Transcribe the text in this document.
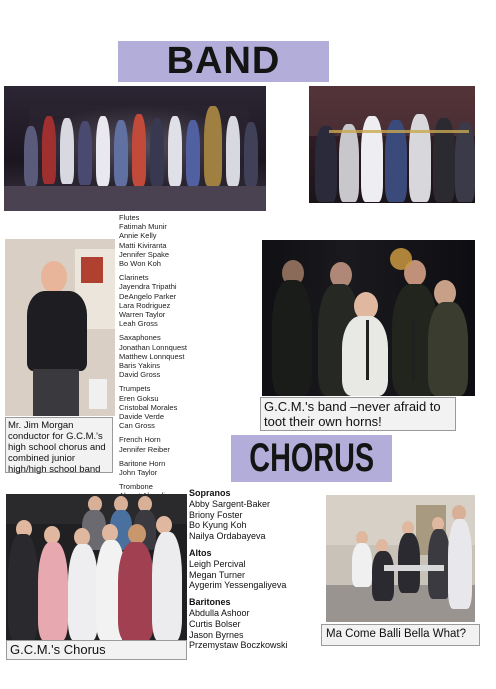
BAND
Flutes
Fatimah Munir
Annie Kelly
Matti Kiviranta
Jennifer Spake
Bo Won Koh
Clarinets
Jayendra Tripathi
DeAngelo Parker
Lara Rodriguez
Warren Taylor
Leah Gross
Saxaphones
Jonathan Lonnquest
Matthew Lonnquest
Baris Yakins
David Gross
Trumpets
Eren Goksu
Cristobal Morales
Davide Verde
Can Gross
French Horn
Jennifer Reiber
Baritone Horn
John Taylor
Trombone
Mr. Jim Morgan conductor for G.C.M.'s high school chorus and combined junior high/high school band
G.C.M.'s band –never afraid to toot their own horns!
CHORUS
Sopranos
Abby Sargent-Baker
Briony Foster
Bo Kyung Koh
Nailya Ordabayeva
Altos
Leigh Percival
Megan Turner
Aygerim Yessengaliyeva
Baritones
Abdulla Ashoor
Curtis Bolser
Jason Byrnes
Przemystaw Boczkowski
G.C.M.'s Chorus
Ma Come Balli Bella What?
